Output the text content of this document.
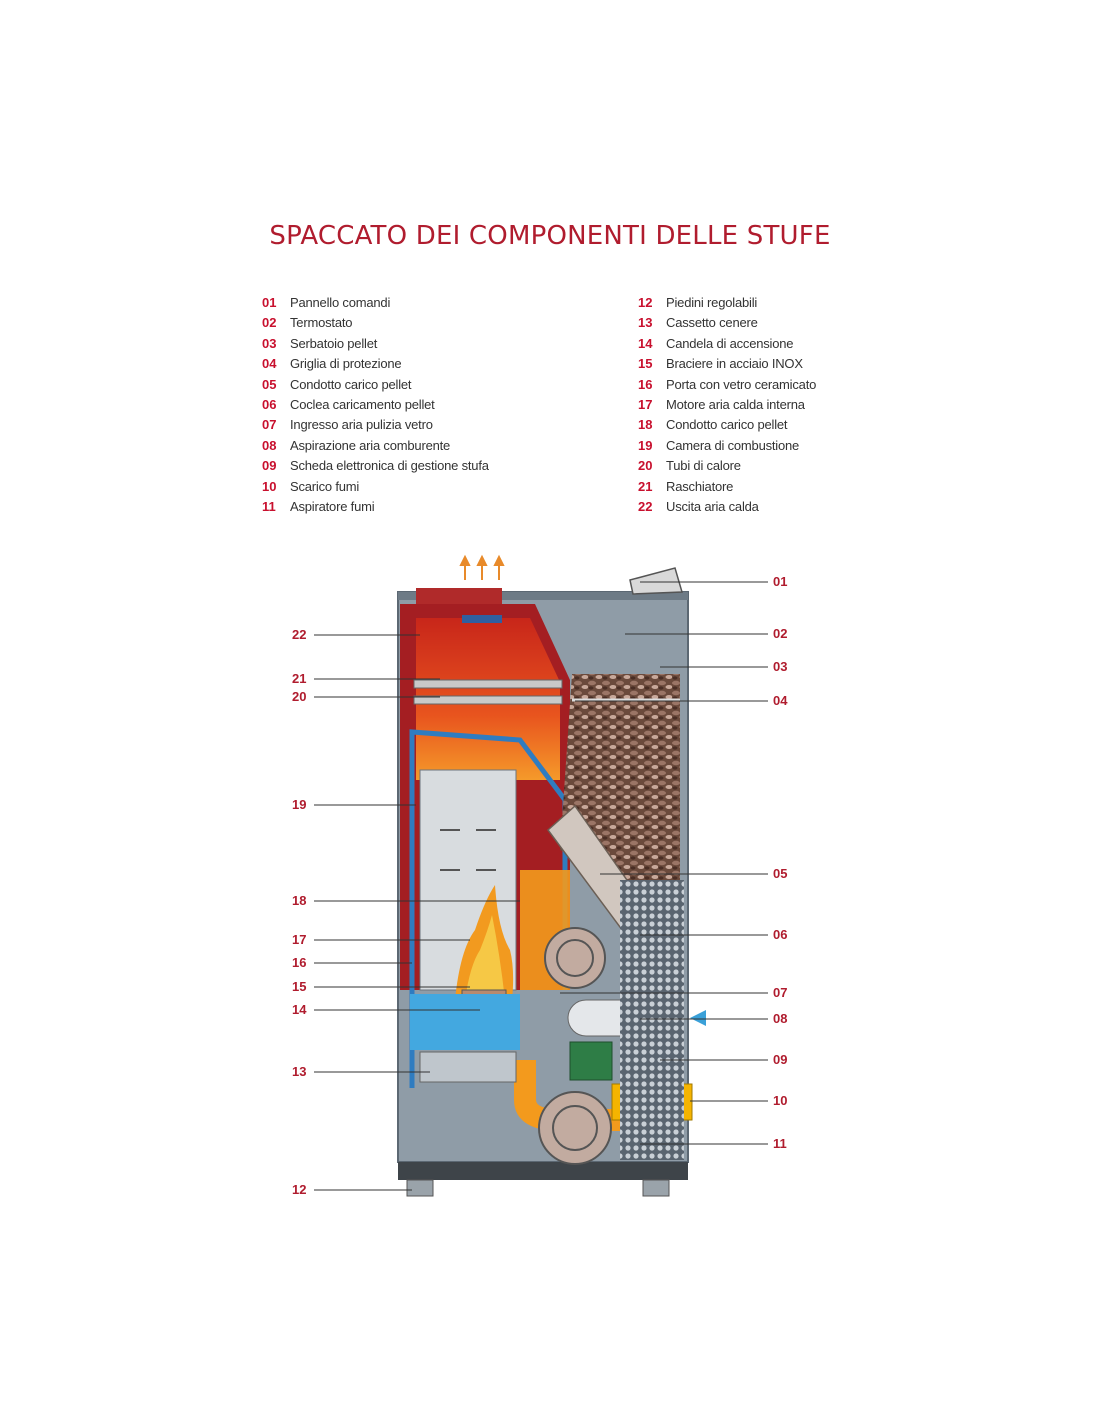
SPACCATO DEI COMPONENTI DELLE STUFE
01 Pannello comandi
02 Termostato
03 Serbatoio pellet
04 Griglia di protezione
05 Condotto carico pellet
06 Coclea caricamento pellet
07 Ingresso aria pulizia vetro
08 Aspirazione aria comburente
09 Scheda elettronica di gestione stufa
10 Scarico fumi
11 Aspiratore fumi
12 Piedini regolabili
13 Cassetto cenere
14 Candela di accensione
15 Braciere in acciaio INOX
16 Porta con vetro ceramicato
17 Motore aria calda interna
18 Condotto carico pellet
19 Camera di combustione
20 Tubi di calore
21 Raschiatore
22 Uscita aria calda
22
21
20
19
18
17
16
15
14
13
12
01
02
03
04
05
06
07
08
09
10
11
